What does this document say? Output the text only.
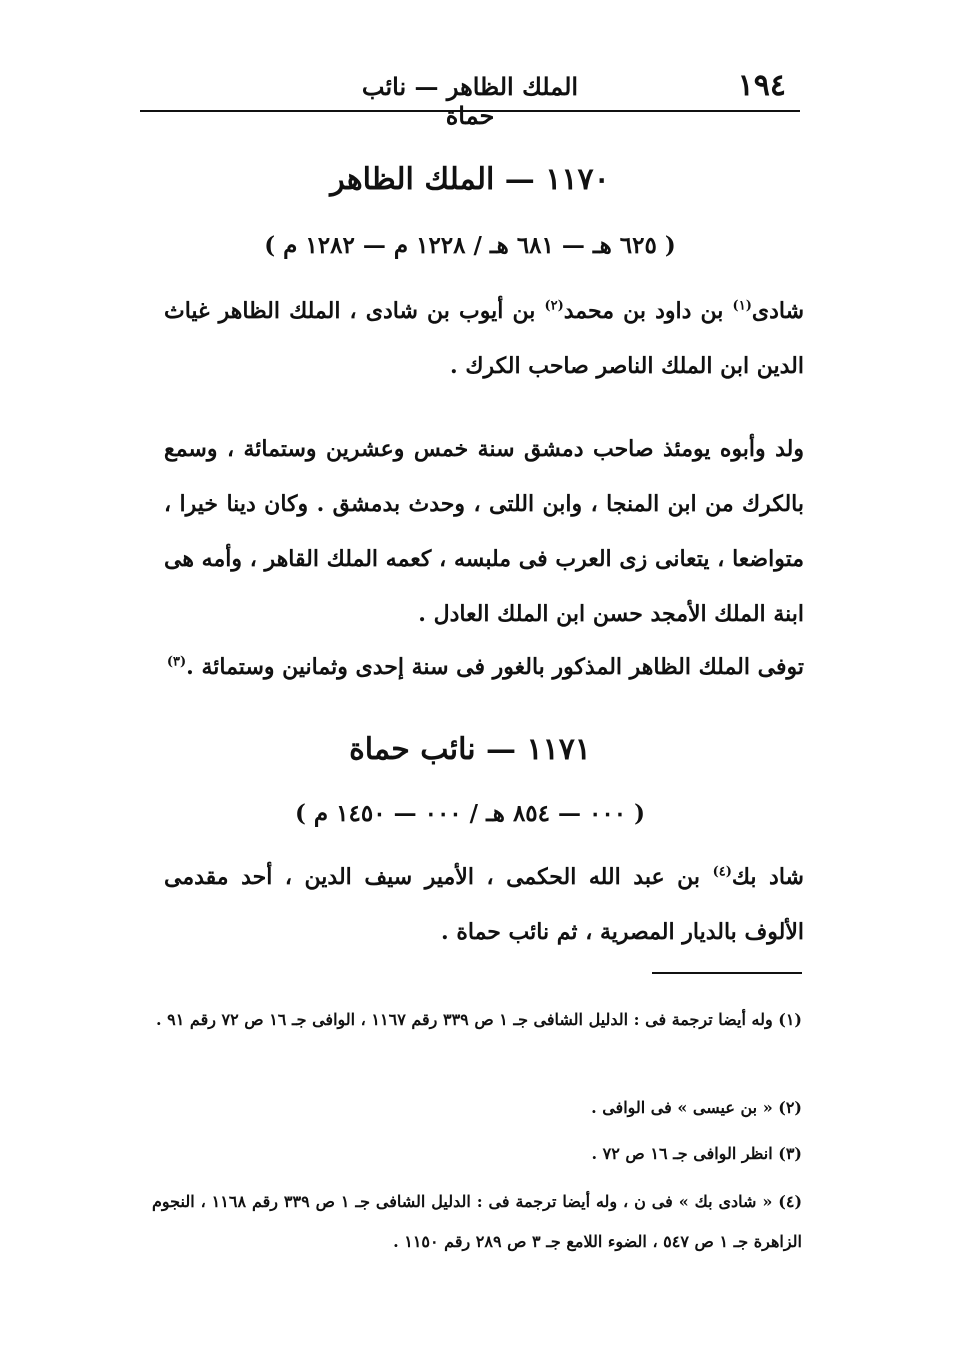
١٩٤
الملك الظاهر — نائب حماة
١١٧٠ — الملك الظاهر
( ٦٢٥ هـ — ٦٨١ هـ / ١٢٢٨ م — ١٢٨٢ م )
شادى$^{(١)}$ بن داود بن محمد$^{(٢)}$ بن أيوب بن شادى ، الملك الظاهر غياث الدين ابن الملك الناصر صاحب الكرك .
ولد وأبوه يومئذ صاحب دمشق سنة خمس وعشرين وستمائة ، وسمع بالكرك من ابن المنجا ، وابن اللتى ، وحدث بدمشق . وكان دينا خيرا ، متواضعا ، يتعانى زى العرب فى ملبسه ، كعمه الملك القاهر ، وأمه هى ابنة الملك الأمجد حسن ابن الملك العادل .
توفى الملك الظاهر المذكور بالغور فى سنة إحدى وثمانين وستمائة .$^{(٣)}$
١١٧١ — نائب حماة
( ٠٠٠ — ٨٥٤ هـ / ٠٠٠ — ١٤٥٠ م )
شاد بك$^{(٤)}$ بن عبد الله الحكمى ، الأمير سيف الدين ، أحد مقدمى الألوف بالديار المصرية ، ثم نائب حماة .
(١) وله أيضا ترجمة فى : الدليل الشافى جـ ١ ص ٣٣٩ رقم ١١٦٧ ، الوافى جـ ١٦ ص ٧٢ رقم ٩١ .
(٢) « بن عيسى » فى الوافى .
(٣) انظر الوافى جـ ١٦ ص ٧٢ .
(٤) « شادى بك » فى ن ، وله أيضا ترجمة فى : الدليل الشافى جـ ١ ص ٣٣٩ رقم ١١٦٨ ، النجوم الزاهرة جـ ١ ص ٥٤٧ ، الضوء اللامع جـ ٣ ص ٢٨٩ رقم ١١٥٠ .
